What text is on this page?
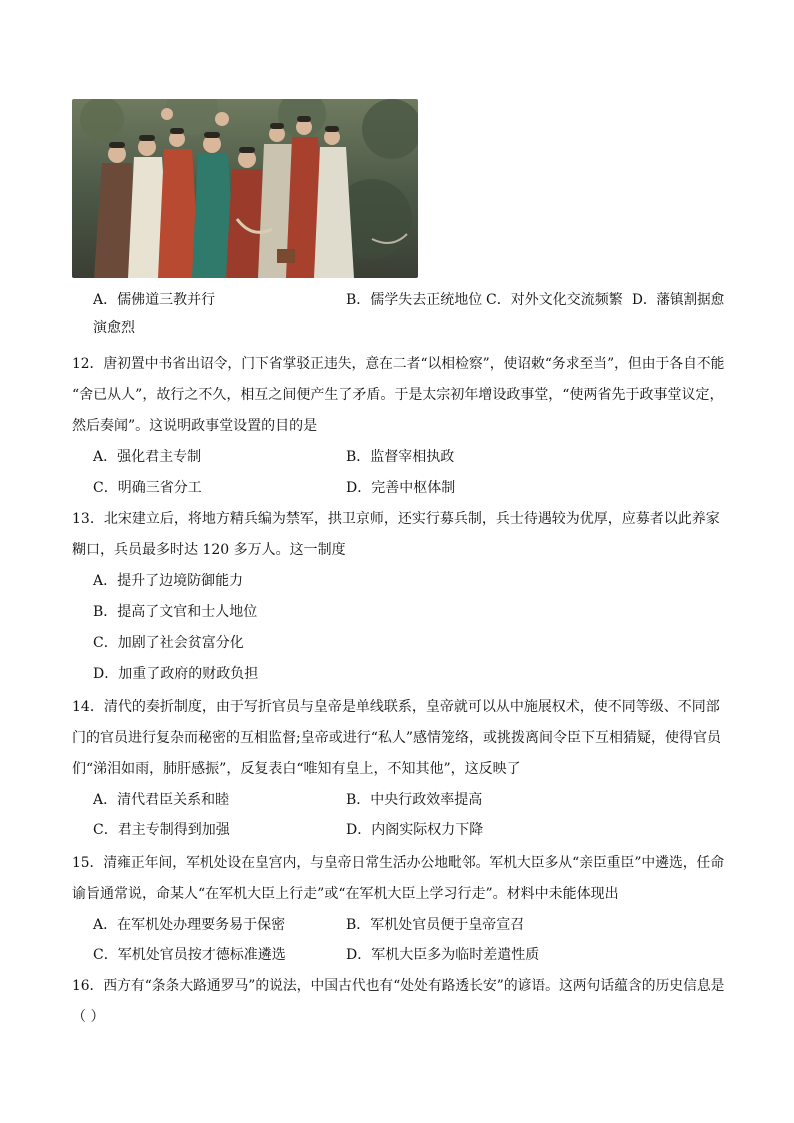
A．儒佛道三教并行	B．儒学失去正统地位 C．对外文化交流频繁 D．藩镇割据愈
演愈烈
12．唐初置中书省出诏令，门下省掌驳正违失，意在二者“以相检察”，使诏敕“务求至当”，但由于各自不能
“舍已从人”，故行之不久，相互之间便产生了矛盾。于是太宗初年增设政事堂，“使两省先于政事堂议定，
然后奏闻”。这说明政事堂设置的目的是
A．强化君主专制	B．监督宰相执政
C．明确三省分工	D．完善中枢体制
13．北宋建立后，将地方精兵编为禁军，拱卫京师，还实行募兵制，兵士待遇较为优厚，应募者以此养家
糊口，兵员最多时达 120 多万人。这一制度
A．提升了边境防御能力
B．提高了文官和士人地位
C．加剧了社会贫富分化
D．加重了政府的财政负担
14．清代的奏折制度，由于写折官员与皇帝是单线联系，皇帝就可以从中施展权术，使不同等级、不同部
门的官员进行复杂而秘密的互相监督;皇帝或进行“私人”感情笼络，或挑拨离间令臣下互相猜疑，使得官员
们“涕泪如雨，肺肝感振”，反复表白“唯知有皇上，不知其他”，这反映了
A．清代君臣关系和睦	B．中央行政效率提高
C．君主专制得到加强	D．内阁实际权力下降
15．清雍正年间，军机处设在皇宫内，与皇帝日常生活办公地毗邻。军机大臣多从“亲臣重臣”中遴选，任命
谕旨通常说，命某人“在军机大臣上行走”或“在军机大臣上学习行走”。材料中未能体现出
A．在军机处办理要务易于保密	B．军机处官员便于皇帝宣召
C．军机处官员按才德标准遴选	D．军机大臣多为临时差遣性质
16．西方有“条条大路通罗马”的说法，中国古代也有“处处有路透长安”的谚语。这两句话蕴含的历史信息是
（ ）
